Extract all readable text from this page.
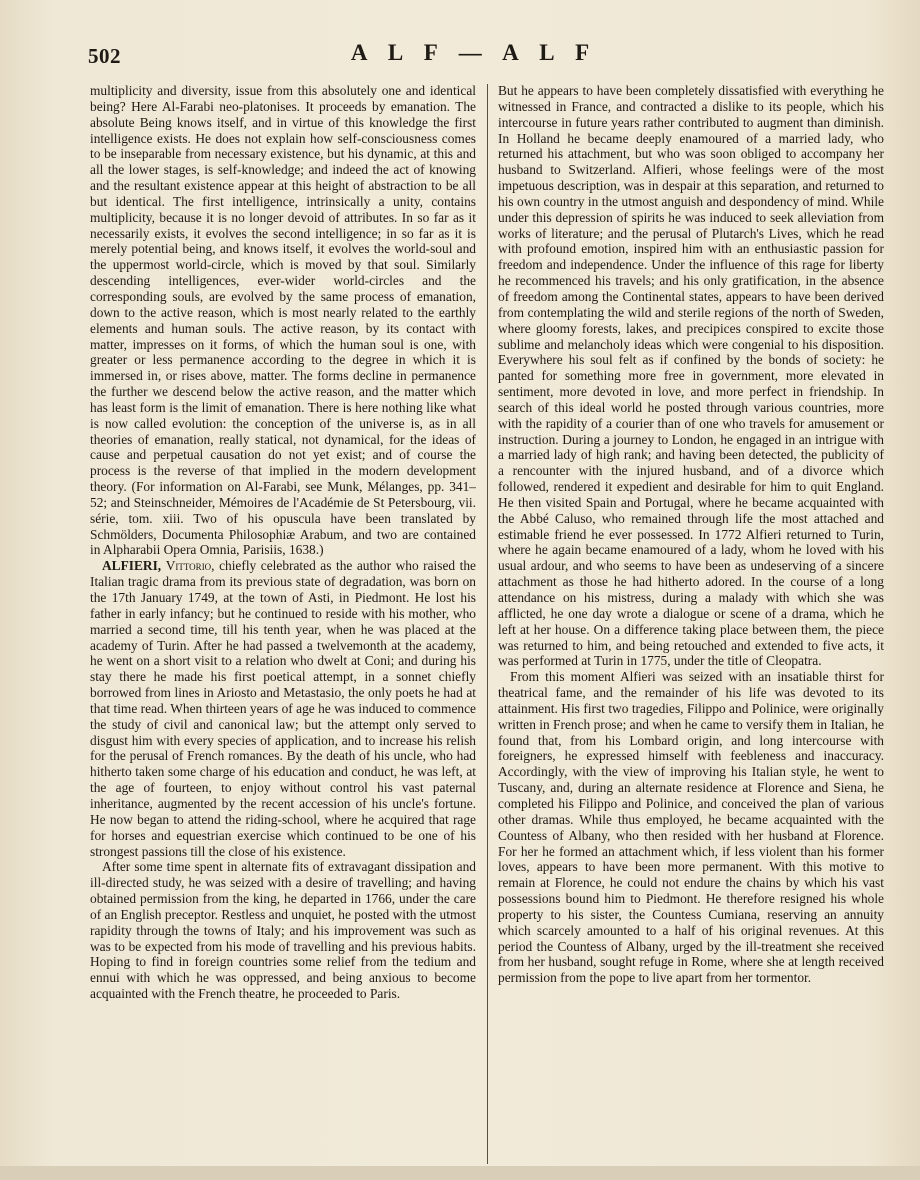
502	A L F — A L F

multiplicity and diversity, issue from this absolutely one and identical being? Here Al-Farabi neo-platonises. It proceeds by emanation. The absolute Being knows itself, and in virtue of this knowledge the first intelligence exists. He does not explain how self-consciousness comes to be inseparable from necessary existence, but his dynamic, at this and all the lower stages, is self-knowledge; and indeed the act of knowing and the resultant existence appear at this height of abstraction to be all but identical. The first intelligence, intrinsically a unity, contains multiplicity, because it is no longer devoid of attributes. In so far as it necessarily exists, it evolves the second intelligence; in so far as it is merely potential being, and knows itself, it evolves the world-soul and the uppermost world-circle, which is moved by that soul. Similarly descending intelligences, ever-wider world-circles and the corresponding souls, are evolved by the same process of emanation, down to the active reason, which is most nearly related to the earthly elements and human souls. The active reason, by its contact with matter, impresses on it forms, of which the human soul is one, with greater or less permanence according to the degree in which it is immersed in, or rises above, matter. The forms decline in permanence the further we descend below the active reason, and the matter which has least form is the limit of emanation. There is here nothing like what is now called evolution: the conception of the universe is, as in all theories of emanation, really statical, not dynamical, for the ideas of cause and perpetual causation do not yet exist; and of course the process is the reverse of that implied in the modern development theory. (For information on Al-Farabi, see Munk, Mélanges, pp. 341–52; and Steinschneider, Mémoires de l'Académie de St Petersbourg, vii. série, tom. xiii. Two of his opuscula have been translated by Schmölders, Documenta Philosophiæ Arabum, and two are contained in Alpharabii Opera Omnia, Parisiis, 1638.)

ALFIERI, Vittorio, chiefly celebrated as the author who raised the Italian tragic drama from its previous state of degradation, was born on the 17th January 1749, at the town of Asti, in Piedmont. He lost his father in early infancy; but he continued to reside with his mother, who married a second time, till his tenth year, when he was placed at the academy of Turin. After he had passed a twelvemonth at the academy, he went on a short visit to a relation who dwelt at Coni; and during his stay there he made his first poetical attempt, in a sonnet chiefly borrowed from lines in Ariosto and Metastasio, the only poets he had at that time read. When thirteen years of age he was induced to commence the study of civil and canonical law; but the attempt only served to disgust him with every species of application, and to increase his relish for the perusal of French romances. By the death of his uncle, who had hitherto taken some charge of his education and conduct, he was left, at the age of fourteen, to enjoy without control his vast paternal inheritance, augmented by the recent accession of his uncle's fortune. He now began to attend the riding-school, where he acquired that rage for horses and equestrian exercise which continued to be one of his strongest passions till the close of his existence.

After some time spent in alternate fits of extravagant dissipation and ill-directed study, he was seized with a desire of travelling; and having obtained permission from the king, he departed in 1766, under the care of an English preceptor. Restless and unquiet, he posted with the utmost rapidity through the towns of Italy; and his improvement was such as was to be expected from his mode of travelling and his previous habits. Hoping to find in foreign countries some relief from the tedium and ennui with which he was oppressed, and being anxious to become acquainted with the French theatre, he proceeded to Paris.

But he appears to have been completely dissatisfied with everything he witnessed in France, and contracted a dislike to its people, which his intercourse in future years rather contributed to augment than diminish. In Holland he became deeply enamoured of a married lady, who returned his attachment, but who was soon obliged to accompany her husband to Switzerland. Alfieri, whose feelings were of the most impetuous description, was in despair at this separation, and returned to his own country in the utmost anguish and despondency of mind. While under this depression of spirits he was induced to seek alleviation from works of literature; and the perusal of Plutarch's Lives, which he read with profound emotion, inspired him with an enthusiastic passion for freedom and independence. Under the influence of this rage for liberty he recommenced his travels; and his only gratification, in the absence of freedom among the Continental states, appears to have been derived from contemplating the wild and sterile regions of the north of Sweden, where gloomy forests, lakes, and precipices conspired to excite those sublime and melancholy ideas which were congenial to his disposition. Everywhere his soul felt as if confined by the bonds of society: he panted for something more free in government, more elevated in sentiment, more devoted in love, and more perfect in friendship. In search of this ideal world he posted through various countries, more with the rapidity of a courier than of one who travels for amusement or instruction. During a journey to London, he engaged in an intrigue with a married lady of high rank; and having been detected, the publicity of a rencounter with the injured husband, and of a divorce which followed, rendered it expedient and desirable for him to quit England. He then visited Spain and Portugal, where he became acquainted with the Abbé Caluso, who remained through life the most attached and estimable friend he ever possessed. In 1772 Alfieri returned to Turin, where he again became enamoured of a lady, whom he loved with his usual ardour, and who seems to have been as undeserving of a sincere attachment as those he had hitherto adored. In the course of a long attendance on his mistress, during a malady with which she was afflicted, he one day wrote a dialogue or scene of a drama, which he left at her house. On a difference taking place between them, the piece was returned to him, and being retouched and extended to five acts, it was performed at Turin in 1775, under the title of Cleopatra.

From this moment Alfieri was seized with an insatiable thirst for theatrical fame, and the remainder of his life was devoted to its attainment. His first two tragedies, Filippo and Polinice, were originally written in French prose; and when he came to versify them in Italian, he found that, from his Lombard origin, and long intercourse with foreigners, he expressed himself with feebleness and inaccuracy. Accordingly, with the view of improving his Italian style, he went to Tuscany, and, during an alternate residence at Florence and Siena, he completed his Filippo and Polinice, and conceived the plan of various other dramas. While thus employed, he became acquainted with the Countess of Albany, who then resided with her husband at Florence. For her he formed an attachment which, if less violent than his former loves, appears to have been more permanent. With this motive to remain at Florence, he could not endure the chains by which his vast possessions bound him to Piedmont. He therefore resigned his whole property to his sister, the Countess Cumiana, reserving an annuity which scarcely amounted to a half of his original revenues. At this period the Countess of Albany, urged by the ill-treatment she received from her husband, sought refuge in Rome, where she at length received permission from the pope to live apart from her tormentor.
